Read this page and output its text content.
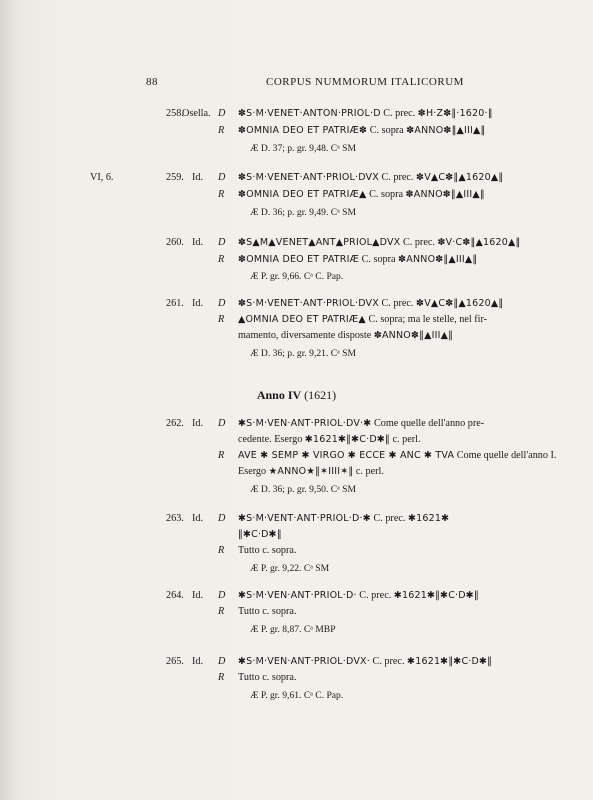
88	CORPUS NUMMORUM ITALICORUM
258.
Osella. D ✽S·M·VENET·ANTON·PRIOL·D C. prec. ✽H·Z✽‖·1620·‖
R ✽OMNIA DEO ET PATRIÆ✽ C. sopra ✽ANNO✽‖▲III▲‖
Æ D. 37; p. gr. 9,48. Cᵃ SM
VI, 6.	259. Id. D ✽S·M·VENET·ANT·PRIOL·DVX C. prec. ✽V▲C✽‖▲1620▲‖
R ✽OMNIA DEO ET PATRIÆ▲ C. sopra ✽ANNO✽‖▲III▲‖
Æ D. 36; p. gr. 9,49. Cᵃ SM
260. Id. D ✽S▲M▲VENET▲ANT▲PRIOL▲DVX C. prec. ✽V·C✽‖▲1620▲‖
R ✽OMNIA DEO ET PATRIÆ C. sopra ✽ANNO✽‖▲III▲‖
Æ P. gr. 9,66. Cᵃ C. Pap.
261. Id. D ✽S·M·VENET·ANT·PRIOL·DVX C. prec. ✽V▲C✽‖▲1620▲‖
R ▲OMNIA DEO ET PATRIÆ▲ C. sopra; ma le stelle, nel fir-
mamento, diversamente disposte ✽ANNO✽‖▲III▲‖
Æ D. 36; p. gr. 9,21. Cᵃ SM
Anno IV (1621)
262. Id. D ✱S·M·VEN·ANT·PRIOL·DV·✱ Come quelle dell'anno pre-
cedente. Esergo ✱1621✱‖✱C·D✱‖ c. perl.
R AVE ✱ SEMP ✱ VIRGO ✱ ECCE ✱ ANC ✱ TVA Come quelle dell'anno I.
Esergo ★ANNO★‖✶IIII✶‖ c. perl.
Æ D. 36; p. gr. 9,50. Cᵃ SM
263. Id. D ✱S·M·VENT·ANT·PRIOL·D·✱ C. prec. ✱1621✱
‖✱C·D✱‖
R Tutto c. sopra.
Æ P. gr. 9,22. Cᵃ SM
264. Id. D ✱S·M·VEN·ANT·PRIOL·D· C. prec. ✱1621✱‖✱C·D✱‖
R Tutto c. sopra.
Æ P. gr. 8,87. Cᵃ MBP
265. Id. D ✱S·M·VEN·ANT·PRIOL·DVX· C. prec. ✱1621✱‖✱C·D✱‖
R Tutto c. sopra.
Æ P. gr. 9,61. Cᵃ C. Pap.
